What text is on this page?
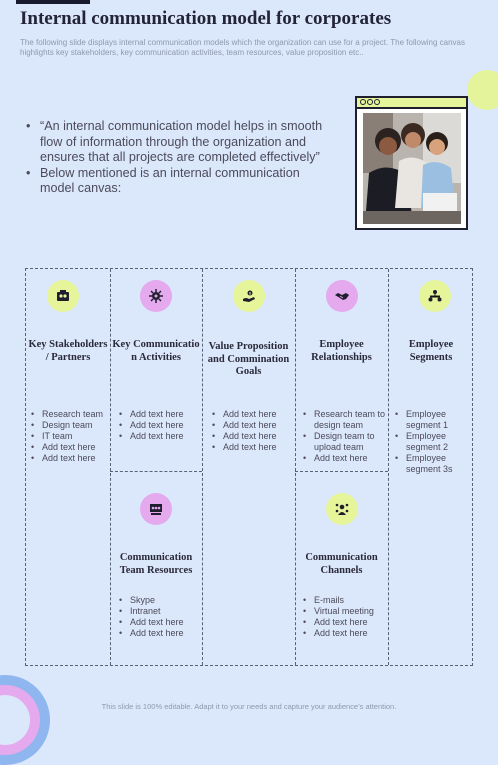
Internal communication model for corporates
The following slide displays internal communication models which the organization can use for a project. The following canvas highlights key stakeholders, key communication activities, team resources, value proposition etc..
• “An internal communication model helps in smooth flow of information through the organization and ensures that all projects are completed effectively”
• Below mentioned is an internal communication model canvas:
Key Stakeholders / Partners
• Research team
• Design team
• IT team
• Add text here
• Add text here
Key Communicatio n Activities
• Add text here
• Add text here
• Add text here
$
Value Proposition and Commination Goals
• Add text here
• Add text here
• Add text here
• Add text here
Employee Relationships
• Research team to design team
• Design team to upload team
• Add text here
Employee Segments
• Employee segment 1
• Employee segment 2
• Employee segment 3s
Communication Team Resources
• Skype
• Intranet
• Add text here
• Add text here
Communication Channels
• E-mails
• Virtual meeting
• Add text here
• Add text here
This slide is 100% editable. Adapt it to your needs and capture your audience’s attention.
